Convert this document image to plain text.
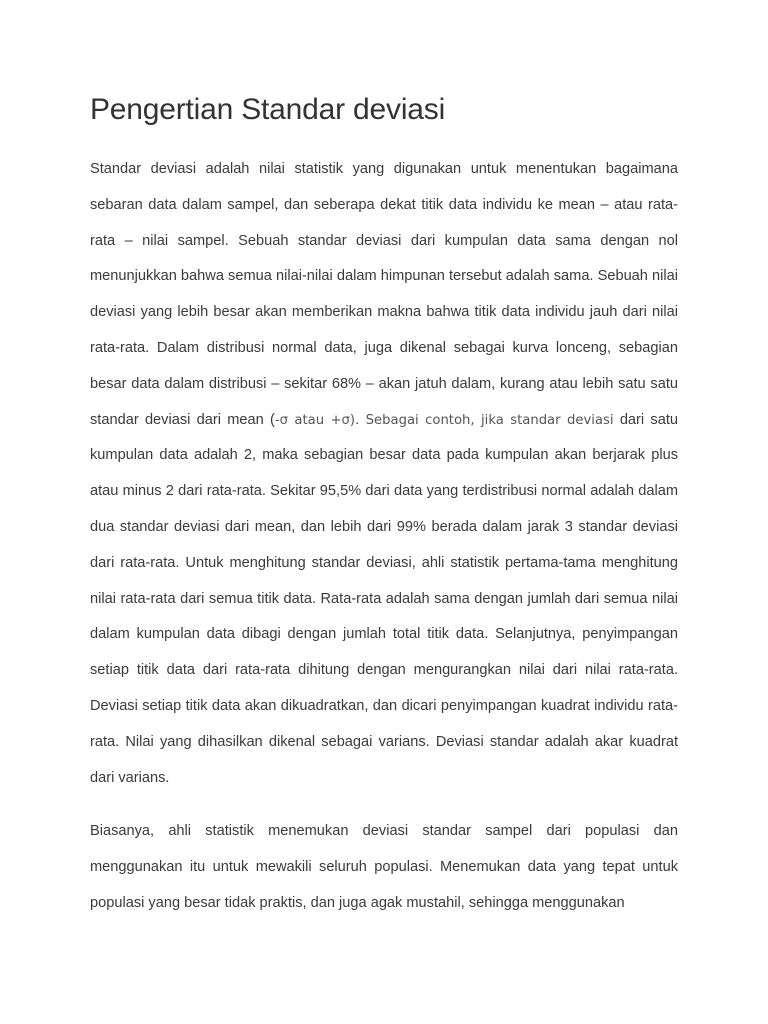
Pengertian Standar deviasi

Standar deviasi adalah nilai statistik yang digunakan untuk menentukan bagaimana sebaran data dalam sampel, dan seberapa dekat titik data individu ke mean – atau rata-rata – nilai sampel. Sebuah standar deviasi dari kumpulan data sama dengan nol menunjukkan bahwa semua nilai-nilai dalam himpunan tersebut adalah sama. Sebuah nilai deviasi yang lebih besar akan memberikan makna bahwa titik data individu jauh dari nilai rata-rata. Dalam distribusi normal data, juga dikenal sebagai kurva lonceng, sebagian besar data dalam distribusi – sekitar 68% – akan jatuh dalam, kurang atau lebih satu satu standar deviasi dari mean (-σ atau +σ). Sebagai contoh, jika standar deviasi dari satu kumpulan data adalah 2, maka sebagian besar data pada kumpulan akan berjarak plus atau minus 2 dari rata-rata. Sekitar 95,5% dari data yang terdistribusi normal adalah dalam dua standar deviasi dari mean, dan lebih dari 99% berada dalam jarak 3 standar deviasi dari rata-rata. Untuk menghitung standar deviasi, ahli statistik pertama-tama menghitung nilai rata-rata dari semua titik data. Rata-rata adalah sama dengan jumlah dari semua nilai dalam kumpulan data dibagi dengan jumlah total titik data. Selanjutnya, penyimpangan setiap titik data dari rata-rata dihitung dengan mengurangkan nilai dari nilai rata-rata. Deviasi setiap titik data akan dikuadratkan, dan dicari penyimpangan kuadrat individu rata-rata. Nilai yang dihasilkan dikenal sebagai varians. Deviasi standar adalah akar kuadrat dari varians.

Biasanya, ahli statistik menemukan deviasi standar sampel dari populasi dan menggunakan itu untuk mewakili seluruh populasi. Menemukan data yang tepat untuk populasi yang besar tidak praktis, dan juga agak mustahil, sehingga menggunakan
